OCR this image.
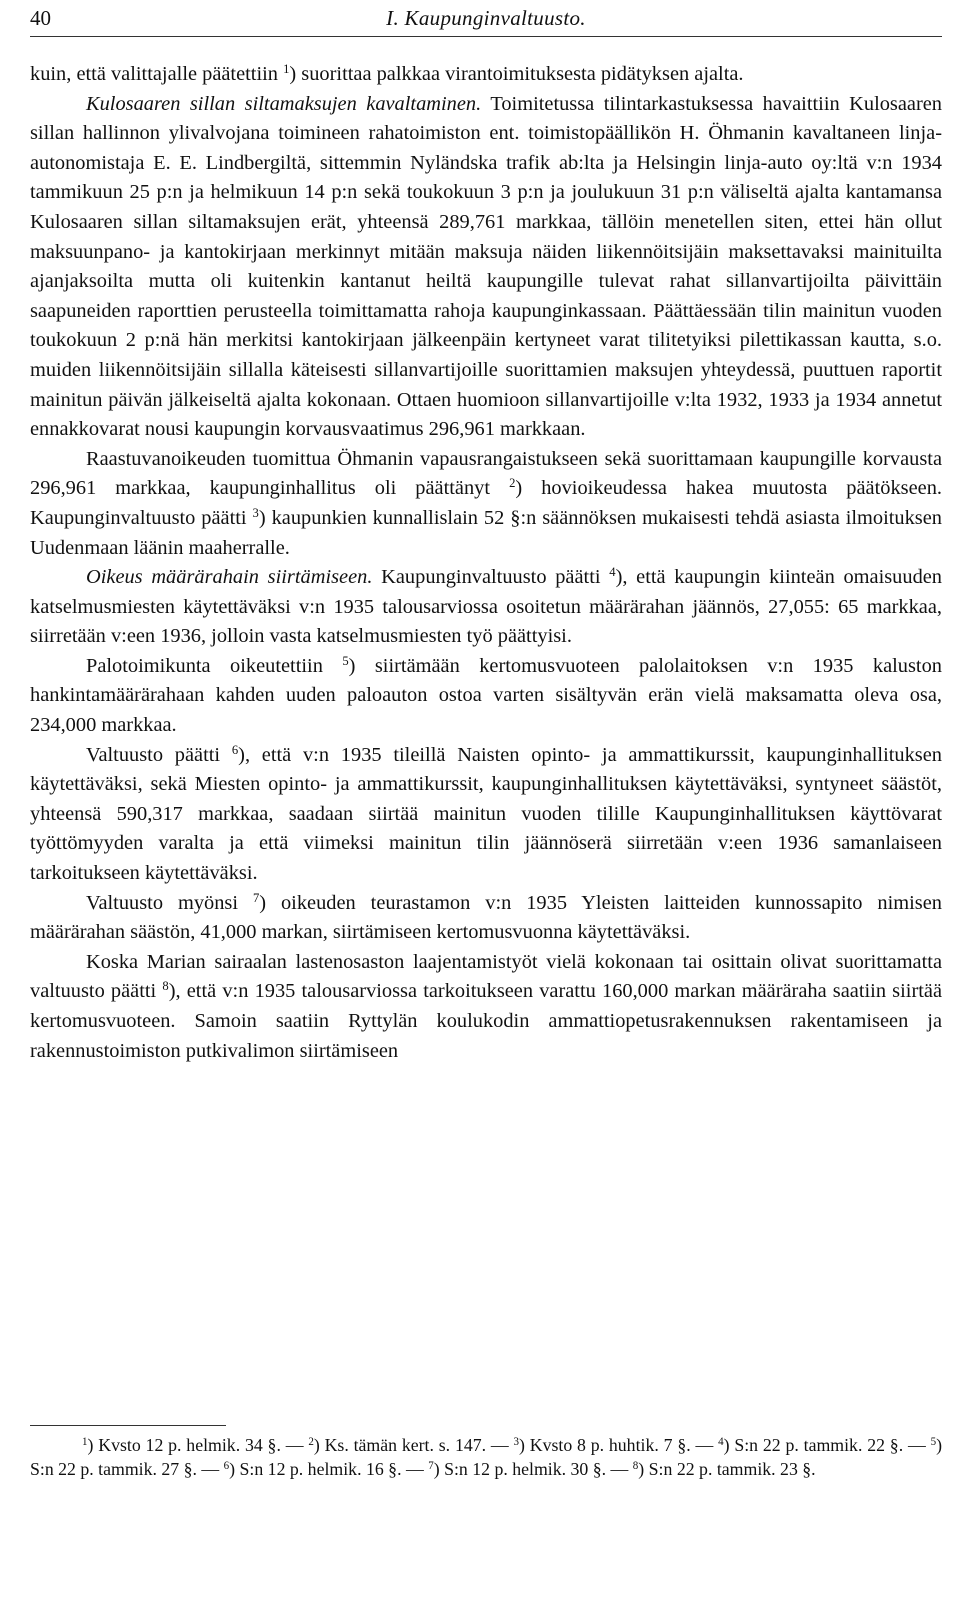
40	I. Kaupunginvaltuusto.

kuin, että valittajalle päätettiin $^1$) suorittaa palkkaa virantoimituksesta pidätyksen ajalta.

Kulosaaren sillan siltamaksujen kavaltaminen. Toimitetussa tilintarkastuksessa havaittiin Kulosaaren sillan hallinnon ylivalvojana toimineen rahatoimiston ent. toimistopäällikön H. Öhmanin kavaltaneen linja-autonomistaja E. E. Lindbergiltä, sittemmin Nyländska trafik ab:lta ja Helsingin linja-auto oy:ltä v:n 1934 tammikuun 25 p:n ja helmikuun 14 p:n sekä toukokuun 3 p:n ja joulukuun 31 p:n väliseltä ajalta kantamansa Kulosaaren sillan siltamaksujen erät, yhteensä 289,761 markkaa, tällöin menetellen siten, ettei hän ollut maksuunpano- ja kantokirjaan merkinnyt mitään maksuja näiden liikennöitsijäin maksettavaksi mainituilta ajanjaksoilta mutta oli kuitenkin kantanut heiltä kaupungille tulevat rahat sillanvartijoilta päivittäin saapuneiden raporttien perusteella toimittamatta rahoja kaupunginkassaan. Päättäessään tilin mainitun vuoden toukokuun 2 p:nä hän merkitsi kantokirjaan jälkeenpäin kertyneet varat tilitetyiksi pilettikassan kautta, s.o. muiden liikennöitsijäin sillalla käteisesti sillanvartijoille suorittamien maksujen yhteydessä, puuttuen raportit mainitun päivän jälkeiseltä ajalta kokonaan. Ottaen huomioon sillanvartijoille v:lta 1932, 1933 ja 1934 annetut ennakkovarat nousi kaupungin korvausvaatimus 296,961 markkaan.

Raastuvanoikeuden tuomittua Öhmanin vapausrangaistukseen sekä suorittamaan kaupungille korvausta 296,961 markkaa, kaupunginhallitus oli päättänyt $^2$) hovioikeudessa hakea muutosta päätökseen. Kaupunginvaltuusto päätti $^3$) kaupunkien kunnallislain 52 §:n säännöksen mukaisesti tehdä asiasta ilmoituksen Uudenmaan läänin maaherralle.

Oikeus määrärahain siirtämiseen. Kaupunginvaltuusto päätti $^4$), että kaupungin kiinteän omaisuuden katselmusmiesten käytettäväksi v:n 1935 talousarviossa osoitetun määrärahan jäännös, 27,055: 65 markkaa, siirretään v:een 1936, jolloin vasta katselmusmiesten työ päättyisi.

Palotoimikunta oikeutettiin $^5$) siirtämään kertomusvuoteen palolaitoksen v:n 1935 kaluston hankintamäärärahaan kahden uuden paloauton ostoa varten sisältyvän erän vielä maksamatta oleva osa, 234,000 markkaa.

Valtuusto päätti $^6$), että v:n 1935 tileillä Naisten opinto- ja ammattikurssit, kaupunginhallituksen käytettäväksi, sekä Miesten opinto- ja ammattikurssit, kaupunginhallituksen käytettäväksi, syntyneet säästöt, yhteensä 590,317 markkaa, saadaan siirtää mainitun vuoden tilille Kaupunginhallituksen käyttövarat työttömyyden varalta ja että viimeksi mainitun tilin jäännöserä siirretään v:een 1936 samanlaiseen tarkoitukseen käytettäväksi.

Valtuusto myönsi $^7$) oikeuden teurastamon v:n 1935 Yleisten laitteiden kunnossapito nimisen määrärahan säästön, 41,000 markan, siirtämiseen kertomusvuonna käytettäväksi.

Koska Marian sairaalan lastenosaston laajentamistyöt vielä kokonaan tai osittain olivat suorittamatta valtuusto päätti $^8$), että v:n 1935 talousarviossa tarkoitukseen varattu 160,000 markan määräraha saatiin siirtää kertomusvuoteen. Samoin saatiin Ryttylän koulukodin ammattiopetusrakennuksen rakentamiseen ja rakennustoimiston putkivalimon siirtämiseen

$^1$) Kvsto 12 p. helmik. 34 §. — $^2$) Ks. tämän kert. s. 147. — $^3$) Kvsto 8 p. huhtik. 7 §. — $^4$) S:n 22 p. tammik. 22 §. — $^5$) S:n 22 p. tammik. 27 §. — $^6$) S:n 12 p. helmik. 16 §. — $^7$) S:n 12 p. helmik. 30 §. — $^8$) S:n 22 p. tammik. 23 §.
